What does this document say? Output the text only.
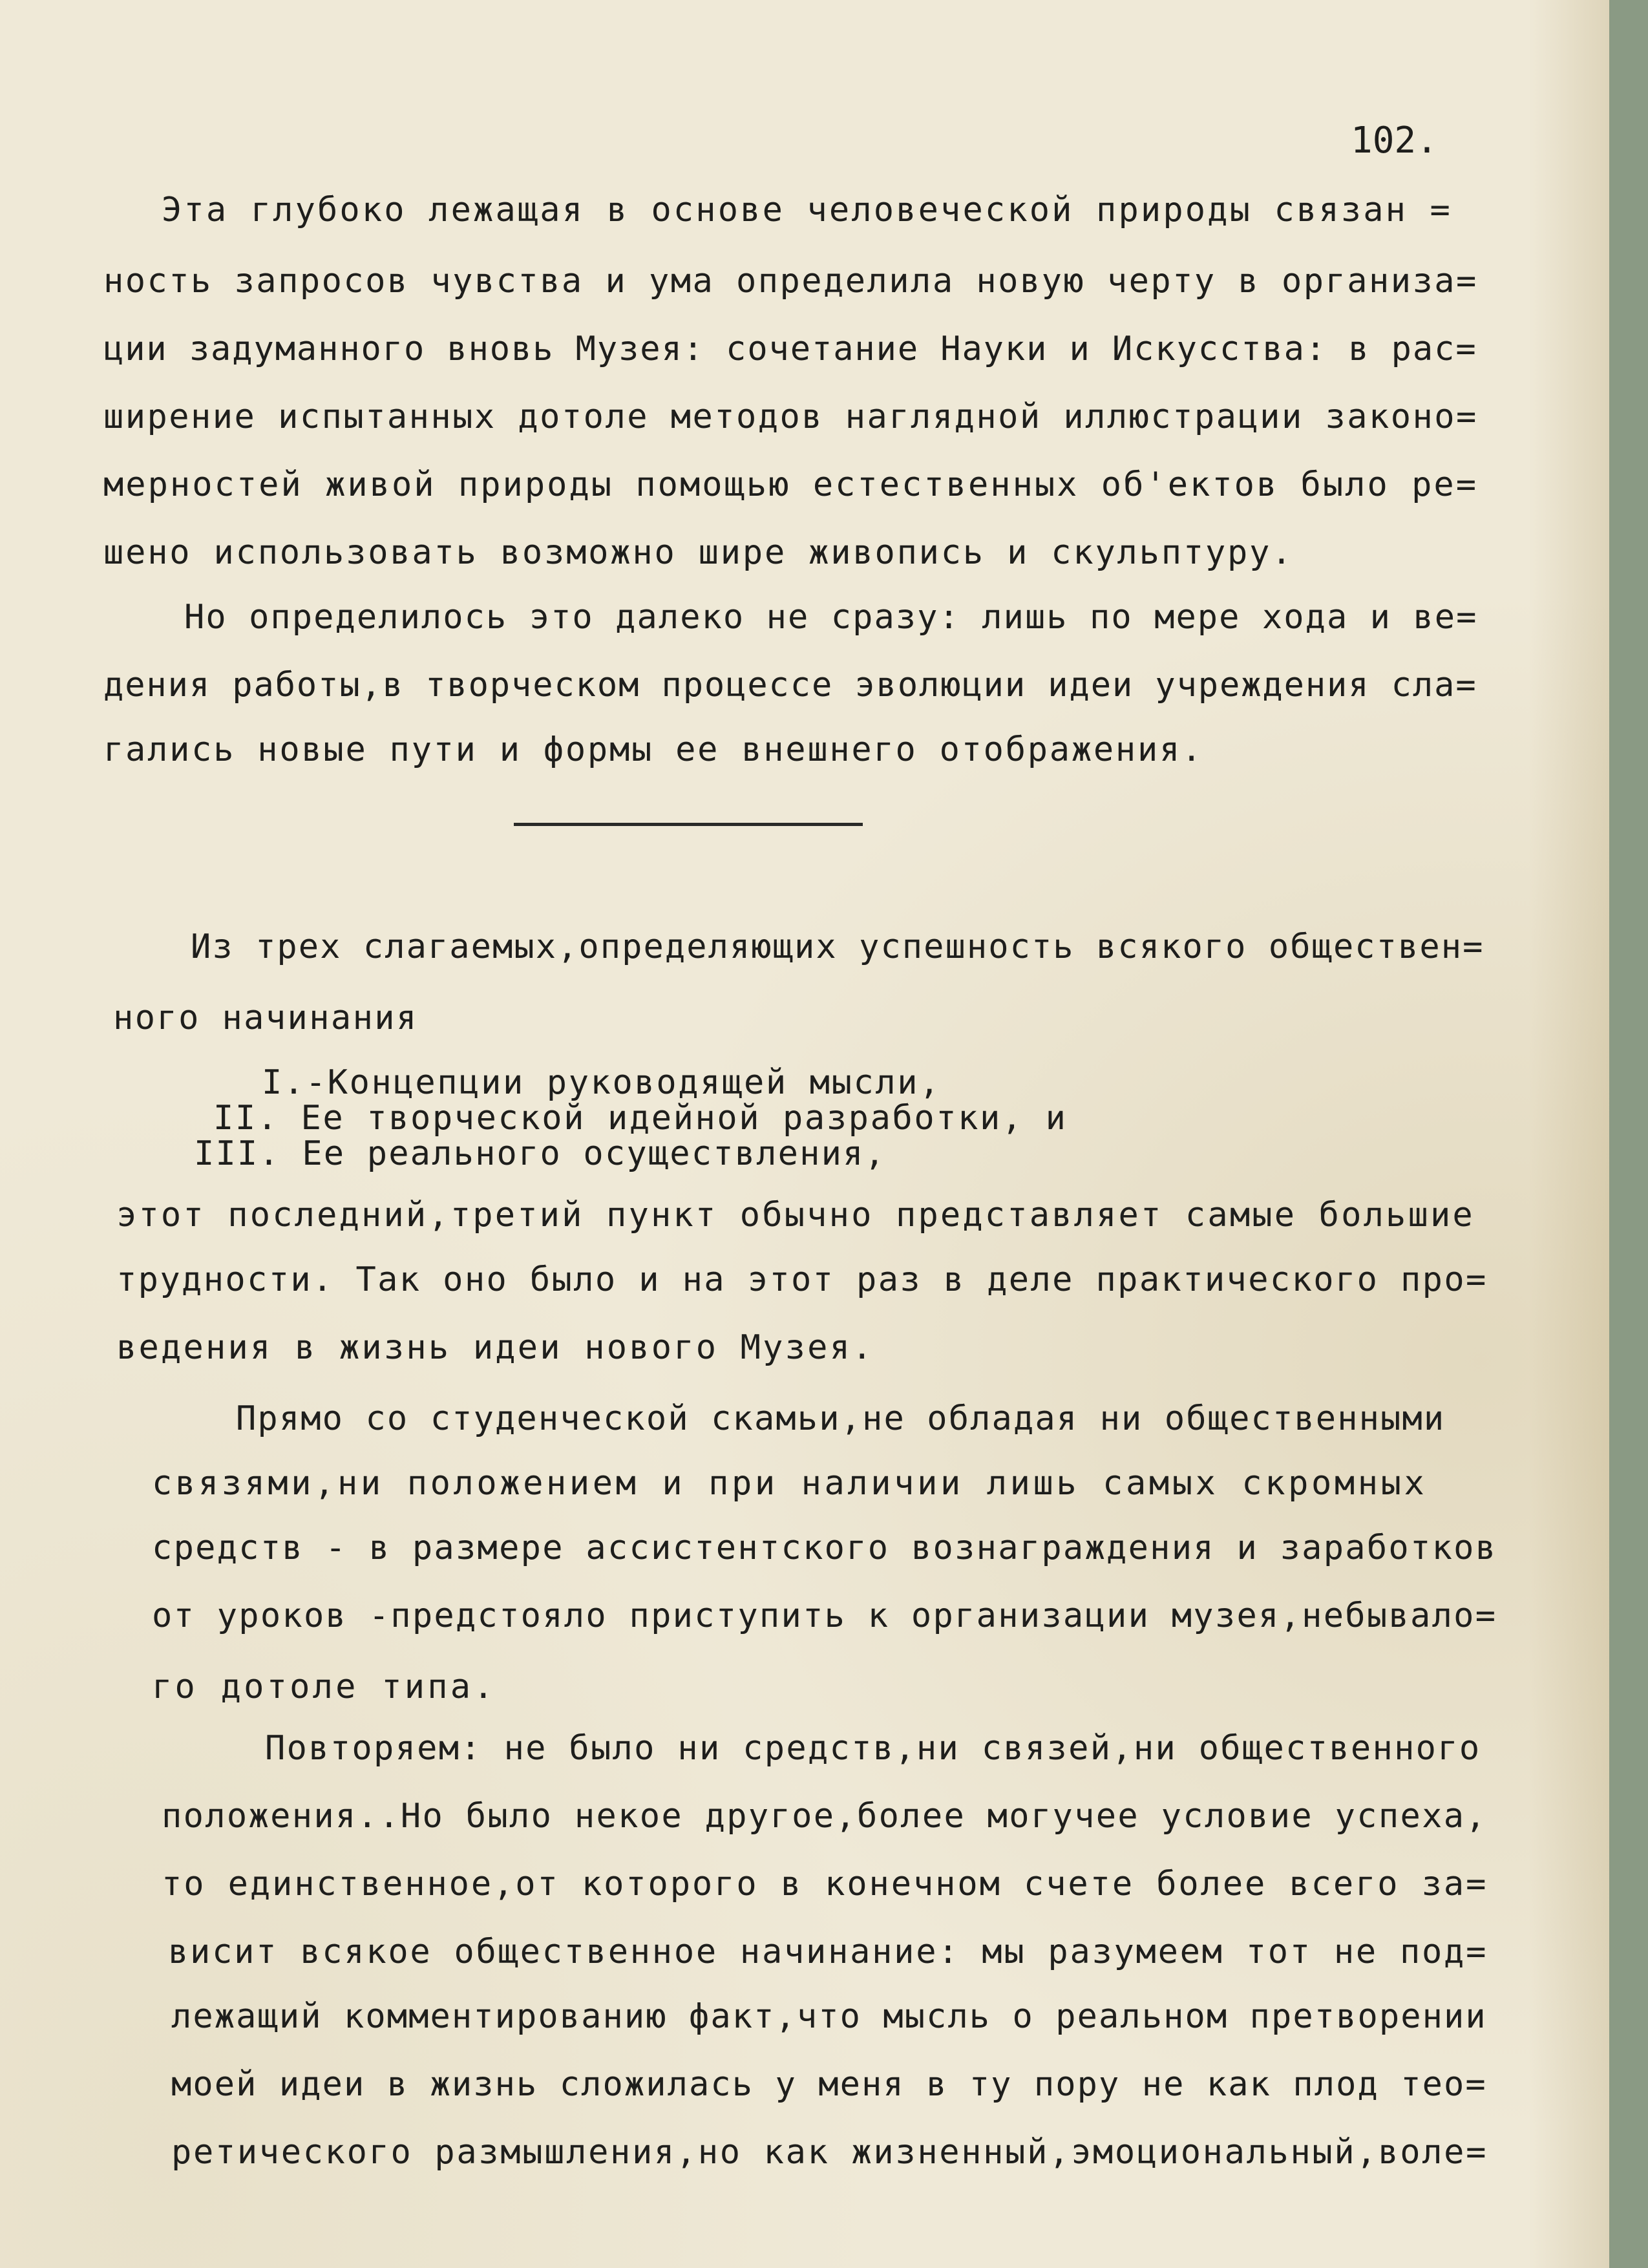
102.
Эта глубоко лежащая в основе человеческой природы связан =
ность запросов чувства и ума определила новую черту в организа=
ции задуманного вновь Музея: сочетание Науки и Искусства: в рас=
ширение испытанных дотоле методов наглядной иллюстрации законо=
мерностей живой природы помощью естественных об'ектов было ре=
шено использовать возможно шире живопись и скульптуру.
Но определилось это далеко не сразу: лишь по мере хода и ве=
дения работы,в творческом процессе эволюции идеи учреждения сла=
гались новые пути и формы ее внешнего отображения.
Из трех слагаемых,определяющих успешность всякого обществен=
ного начинания
I.-Концепции руководящей мысли,
II. Ее творческой идейной разработки, и
III. Ее реального осуществления,
этот последний,третий пункт обычно представляет самые большие
трудности. Так оно было и на этот раз в деле практического про=
ведения в жизнь идеи нового Музея.
Прямо со студенческой скамьи,не обладая ни общественными
связями,ни положением и при наличии лишь самых скромных
средств - в размере ассистентского вознаграждения и заработков
от уроков -предстояло приступить к организации музея,небывало=
го дотоле типа.
Повторяем: не было ни средств,ни связей,ни общественного
положения..Но было некое другое,более могучее условие успеха,
то единственное,от которого в конечном счете более всего за=
висит всякое общественное начинание: мы разумеем тот не под=
лежащий комментированию факт,что мысль о реальном претворении
моей идеи в жизнь сложилась у меня в ту пору не как плод тео=
ретического размышления,но как жизненный,эмоциональный,воле=
